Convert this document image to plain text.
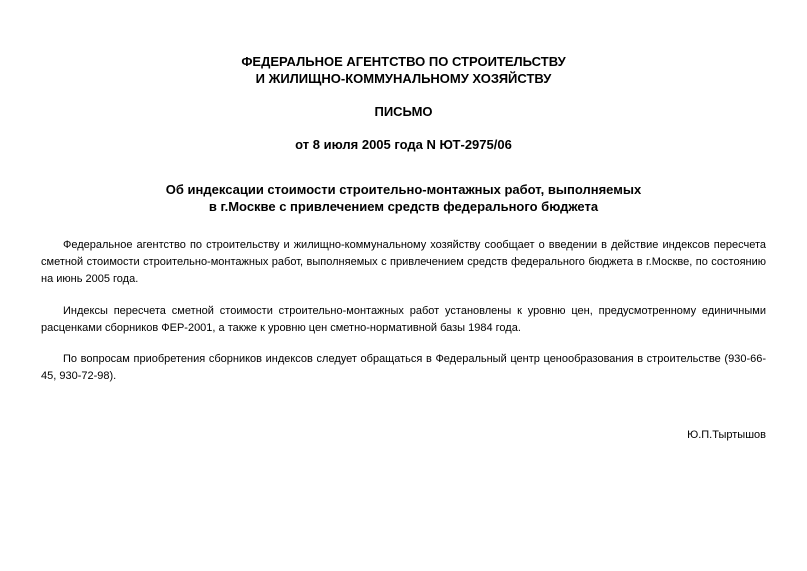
ФЕДЕРАЛЬНОЕ АГЕНТСТВО ПО СТРОИТЕЛЬСТВУ
И ЖИЛИЩНО-КОММУНАЛЬНОМУ ХОЗЯЙСТВУ
ПИСЬМО
от 8 июля 2005 года N ЮТ-2975/06
Об индексации стоимости строительно-монтажных работ, выполняемых
в г.Москве с привлечением средств федерального бюджета

Федеральное агентство по строительству и жилищно-коммунальному хозяйству сообщает о введении в действие индексов пересчета сметной стоимости строительно-монтажных работ, выполняемых с привлечением средств федерального бюджета в г.Москве, по состоянию на июнь 2005 года.

Индексы пересчета сметной стоимости строительно-монтажных работ установлены к уровню цен, предусмотренному единичными расценками сборников ФЕР-2001, а также к уровню цен сметно-нормативной базы 1984 года.

По вопросам приобретения сборников индексов следует обращаться в Федеральный центр ценообразования в строительстве (930-66-45, 930-72-98).

Ю.П.Тыртышов
